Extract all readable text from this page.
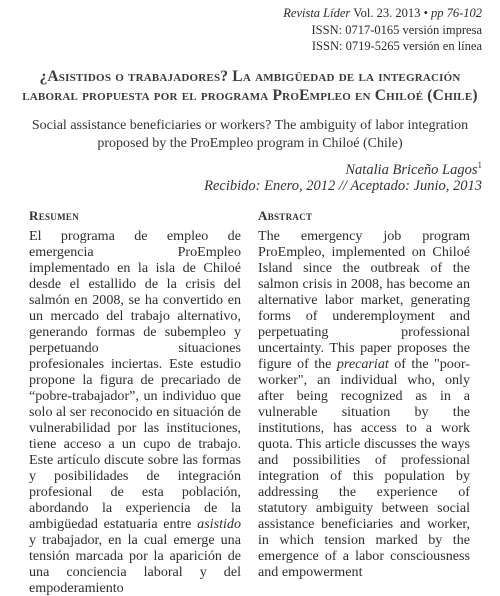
Revista Líder Vol. 23. 2013 • pp 76-102
ISSN: 0717-0165 versión impresa
ISSN: 0719-5265 versión en línea
¿Asistidos o trabajadores? La ambigüedad de la integración laboral propuesta por el programa ProEmpleo en Chiloé (Chile)
Social assistance beneficiaries or workers? The ambiguity of labor integration proposed by the ProEmpleo program in Chiloé (Chile)
Natalia Briceño Lagos$^1$
Recibido: Enero, 2012 // Aceptado: Junio, 2013
Resumen	Abstract

El programa de empleo de emergencia ProEmpleo implementado en la isla de Chiloé desde el estallido de la crisis del salmón en 2008, se ha convertido en un mercado del trabajo alternativo, generando formas de subempleo y perpetuando situaciones profesionales inciertas. Este estudio propone la figura de precariado de “pobre-trabajador”, un individuo que solo al ser reconocido en situación de vulnerabilidad por las instituciones, tiene acceso a un cupo de trabajo. Este artículo discute sobre las formas y posibilidades de integración profesional de esta población, abordando la experiencia de la ambigüedad estatuaria entre asistido y trabajador, en la cual emerge una tensión marcada por la aparición de una conciencia laboral y del empoderamiento

The emergency job program ProEmpleo, implemented on Chiloé Island since the outbreak of the salmon crisis in 2008, has become an alternative labor market, generating forms of underemployment and perpetuating professional uncertainty. This paper proposes the figure of the precariat of the "poor-worker", an individual who, only after being recognized as in a vulnerable situation by the institutions, has access to a work quota. This article discusses the ways and possibilities of professional integration of this population by addressing the experience of statutory ambiguity between social assistance beneficiaries and worker, in which tension marked by the emergence of a labor consciousness and empowerment
